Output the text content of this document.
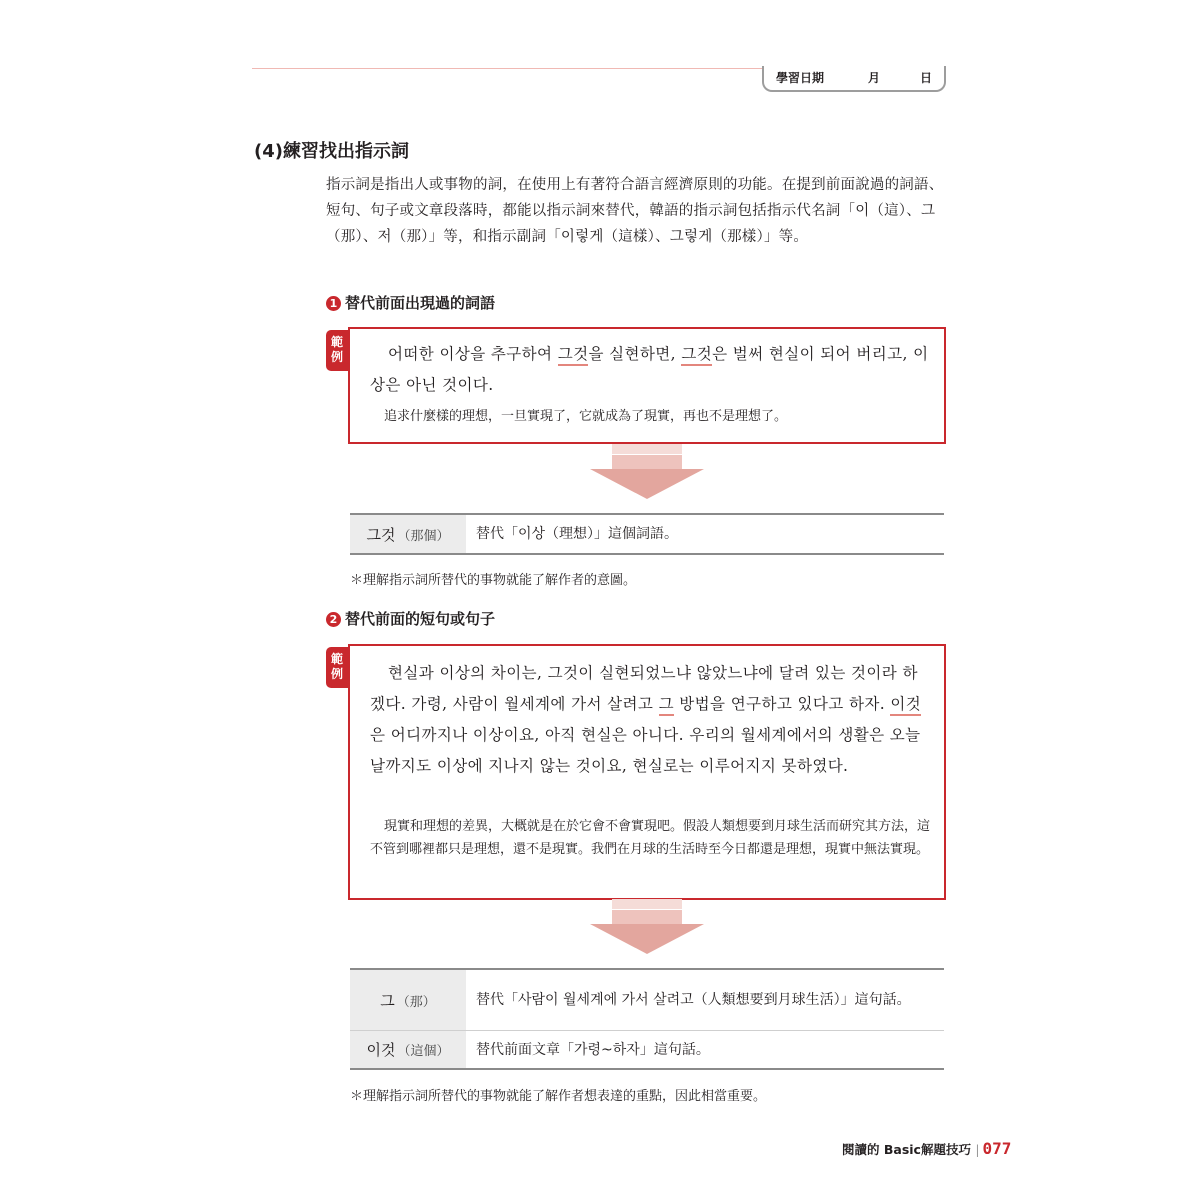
學習日期	月	日
(4)練習找出指示詞
指示詞是指出人或事物的詞，在使用上有著符合語言經濟原則的功能。在提到前面說過的詞語、短句、句子或文章段落時，都能以指示詞來替代，韓語的指示詞包括指示代名詞「이（這）、그（那）、저（那）」等，和指示副詞「이렇게（這樣）、그렇게（那樣）」等。
1 替代前面出現過的詞語
範例	어떠한 이상을 추구하여 그것을 실현하면, 그것은 벌써 현실이 되어 버리고, 이상은 아닌 것이다.
追求什麼樣的理想，一旦實現了，它就成為了現實，再也不是理想了。
그것 （那個） 替代「이상（理想）」這個詞語。
＊理解指示詞所替代的事物就能了解作者的意圖。
2 替代前面的短句或句子
範例	현실과 이상의 차이는, 그것이 실현되었느냐 않았느냐에 달려 있는 것이라 하겠다. 가령, 사람이 월세계에 가서 살려고 그 방법을 연구하고 있다고 하자. 이것은 어디까지나 이상이요, 아직 현실은 아니다. 우리의 월세계에서의 생활은 오늘날까지도 이상에 지나지 않는 것이요, 현실로는 이루어지지 못하였다.
現實和理想的差異，大概就是在於它會不會實現吧。假設人類想要到月球生活而研究其方法，這不管到哪裡都只是理想，還不是現實。我們在月球的生活時至今日都還是理想，現實中無法實現。
그 （那）	替代「사람이 월세계에 가서 살려고（人類想要到月球生活）」這句話。
이것 （這個） 替代前面文章「가령~하자」這句話。
＊理解指示詞所替代的事物就能了解作者想表達的重點，因此相當重要。
閱讀的 Basic解題技巧 | 077
